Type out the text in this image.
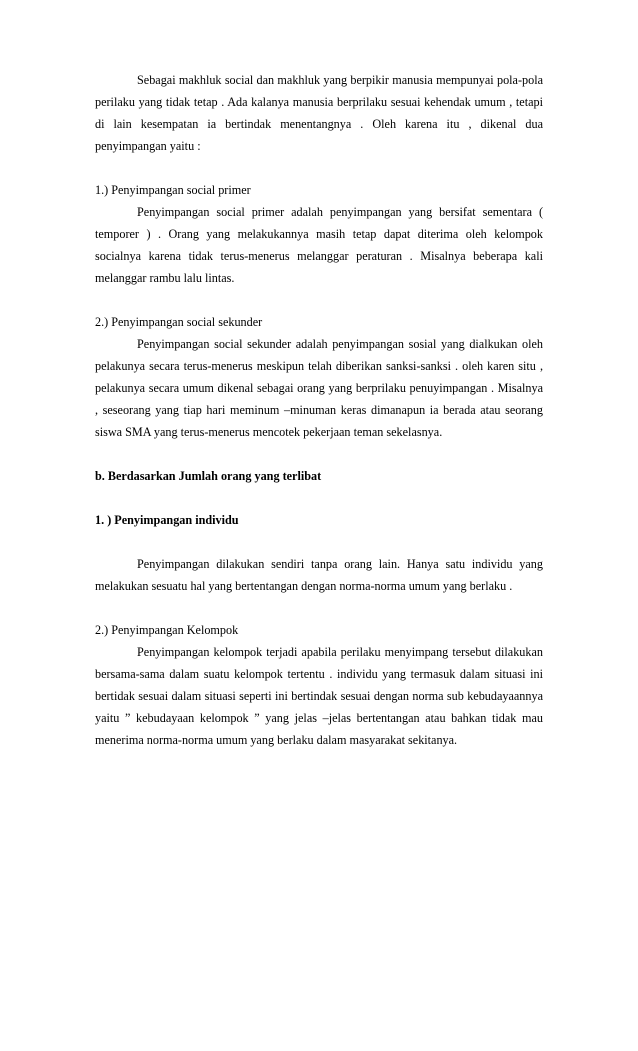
Sebagai makhluk social dan makhluk yang berpikir manusia mempunyai pola-pola perilaku yang tidak tetap . Ada kalanya manusia berprilaku sesuai kehendak umum , tetapi di lain kesempatan ia bertindak menentangnya . Oleh karena itu , dikenal dua penyimpangan yaitu :

1.) Penyimpangan social primer

Penyimpangan social primer adalah penyimpangan yang bersifat sementara ( temporer ) . Orang yang melakukannya masih tetap dapat diterima oleh kelompok socialnya karena tidak terus-menerus melanggar peraturan . Misalnya beberapa kali melanggar rambu lalu lintas.

2.) Penyimpangan social sekunder

Penyimpangan social sekunder adalah penyimpangan sosial yang dialkukan oleh pelakunya secara terus-menerus meskipun telah diberikan sanksi-sanksi . oleh karen situ , pelakunya secara umum dikenal sebagai orang yang berprilaku penuyimpangan . Misalnya , seseorang yang tiap hari meminum –minuman keras dimanapun ia berada atau seorang siswa SMA yang terus-menerus mencotek pekerjaan teman sekelasnya.

b. Berdasarkan Jumlah orang yang terlibat

1. ) Penyimpangan individu

Penyimpangan dilakukan sendiri tanpa orang lain. Hanya satu individu yang melakukan sesuatu hal yang bertentangan dengan norma-norma umum yang berlaku .

2.) Penyimpangan Kelompok

Penyimpangan kelompok terjadi apabila perilaku menyimpang tersebut dilakukan bersama-sama dalam suatu kelompok tertentu . individu yang termasuk dalam situasi ini bertidak sesuai dalam situasi seperti ini bertindak sesuai dengan norma sub kebudayaannya yaitu ” kebudayaan kelompok ” yang jelas –jelas bertentangan atau bahkan tidak mau menerima norma-norma umum yang berlaku dalam masyarakat sekitanya.
